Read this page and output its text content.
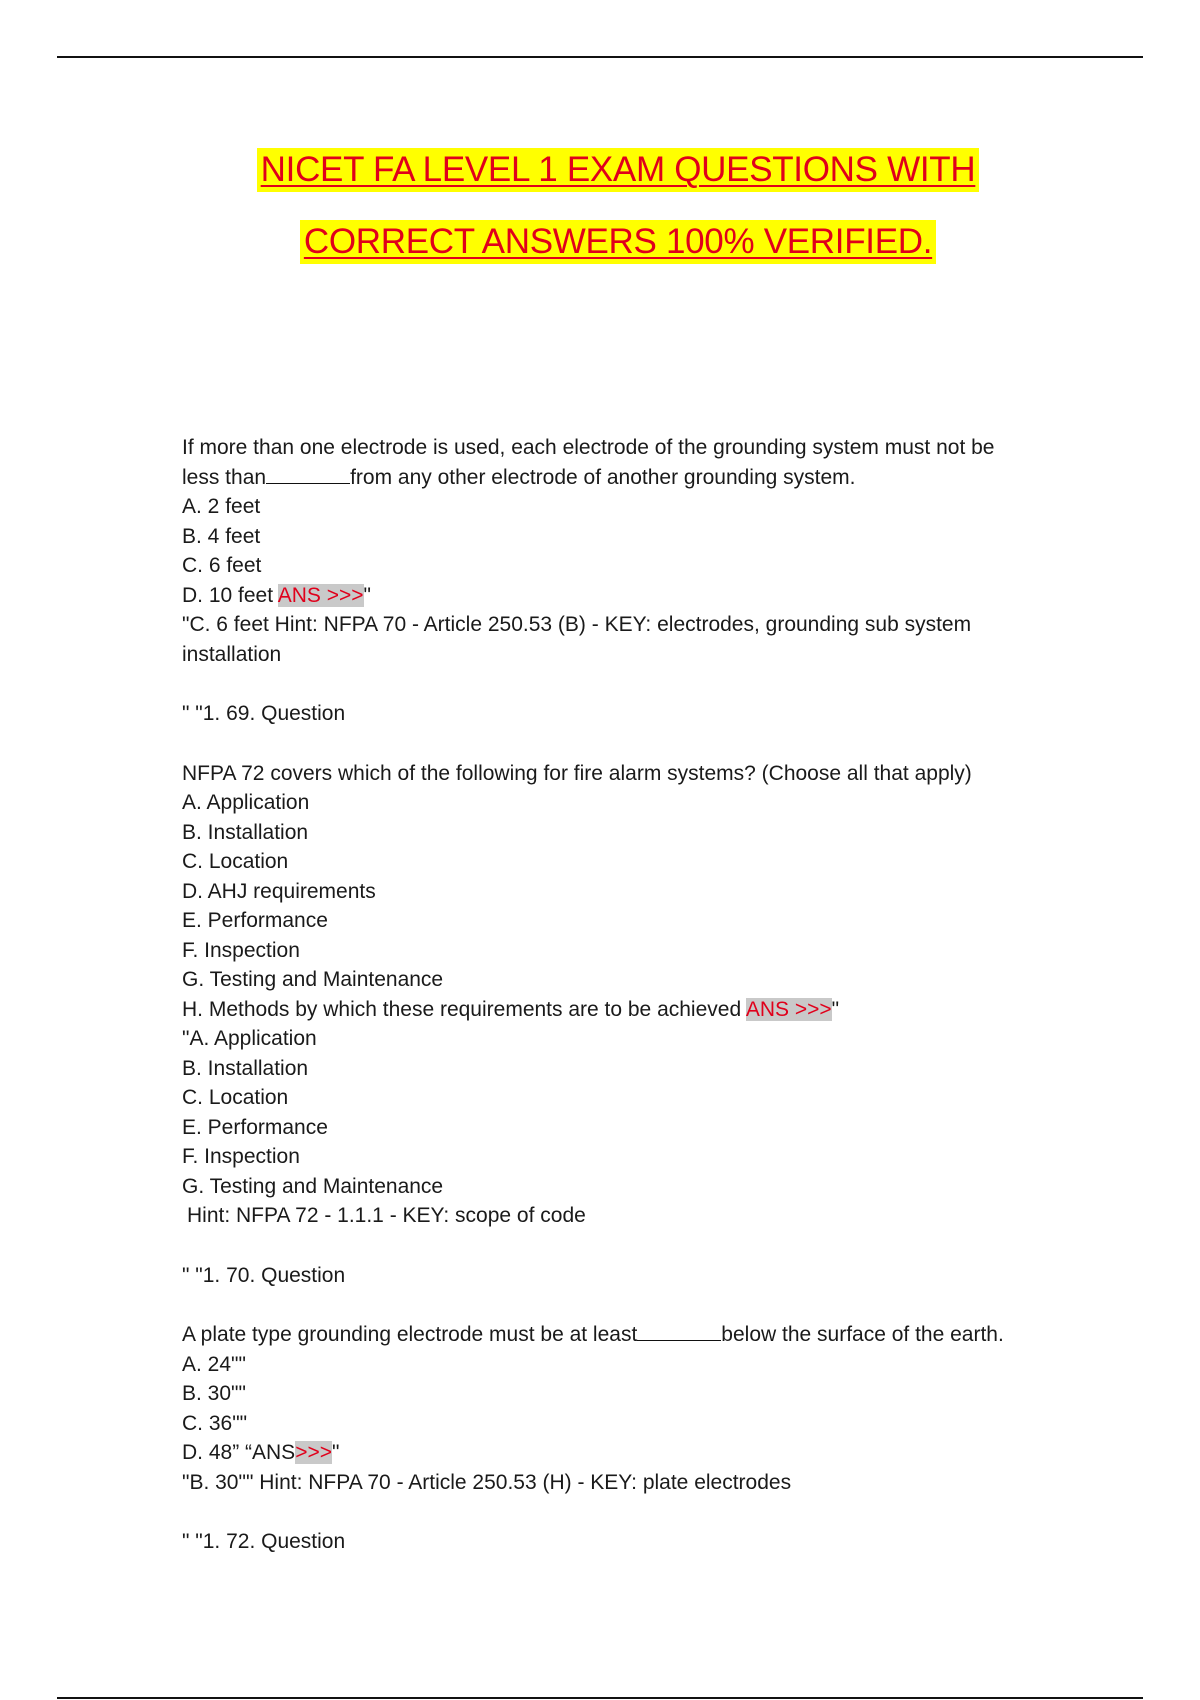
NICET FA LEVEL 1 EXAM QUESTIONS WITH
CORRECT ANSWERS 100% VERIFIED.

If more than one electrode is used, each electrode of the grounding system must not be less than	from any other electrode of another grounding system.

A. 2 feet

B. 4 feet

C. 6 feet

D. 10 feet ANS >>>"

"C. 6 feet Hint: NFPA 70 - Article 250.53 (B) - KEY: electrodes, grounding sub system installation

" "1. 69. Question

NFPA 72 covers which of the following for fire alarm systems? (Choose all that apply)

A. Application

B. Installation

C. Location

D. AHJ requirements

E. Performance

F. Inspection

G. Testing and Maintenance

H. Methods by which these requirements are to be achieved ANS >>>"

"A. Application

B. Installation

C. Location

E. Performance

F. Inspection

G. Testing and Maintenance

Hint: NFPA 72 - 1.1.1 - KEY: scope of code

" "1. 70. Question

A plate type grounding electrode must be at least	below the surface of the earth.

A. 24""

B. 30""

C. 36""

D. 48” “ANS>>>"

"B. 30"" Hint: NFPA 70 - Article 250.53 (H) - KEY: plate electrodes

" "1. 72. Question
